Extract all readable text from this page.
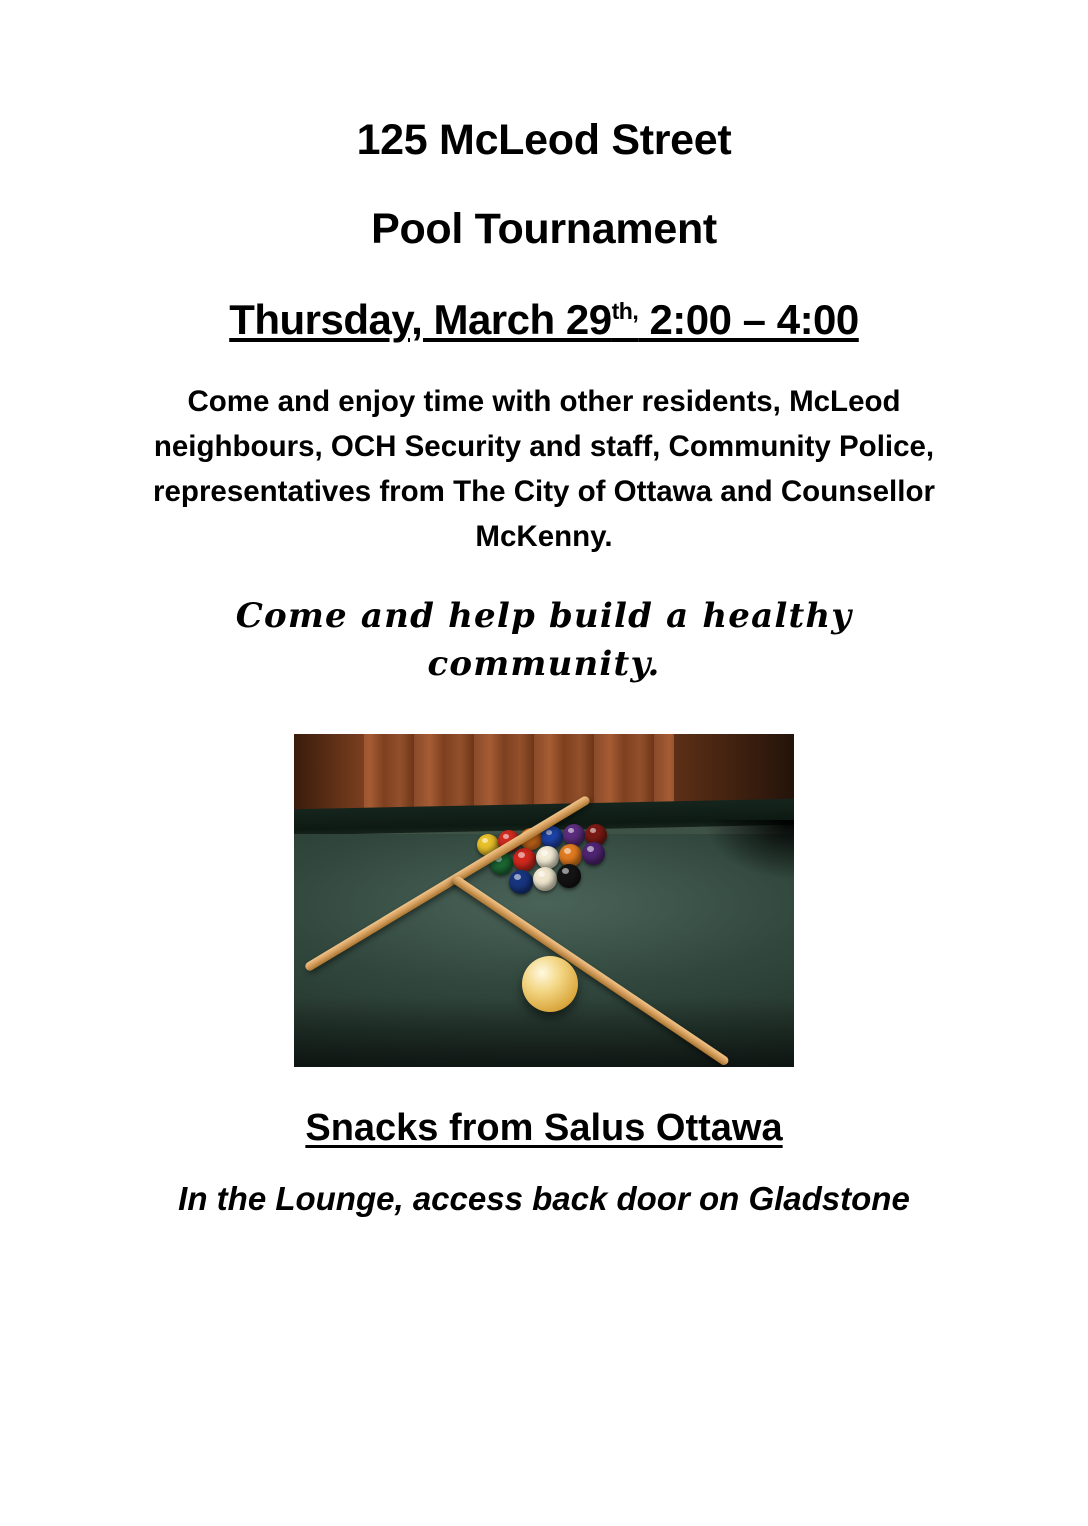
125 McLeod Street
Pool Tournament
Thursday, March $29^{th,}$ 2:00 – 4:00
Come and enjoy time with other residents, McLeod neighbours, OCH Security and staff, Community Police, representatives from The City of Ottawa and Counsellor McKenny.
Come and help build a healthy community.
Snacks from Salus Ottawa
In the Lounge, access back door on Gladstone
